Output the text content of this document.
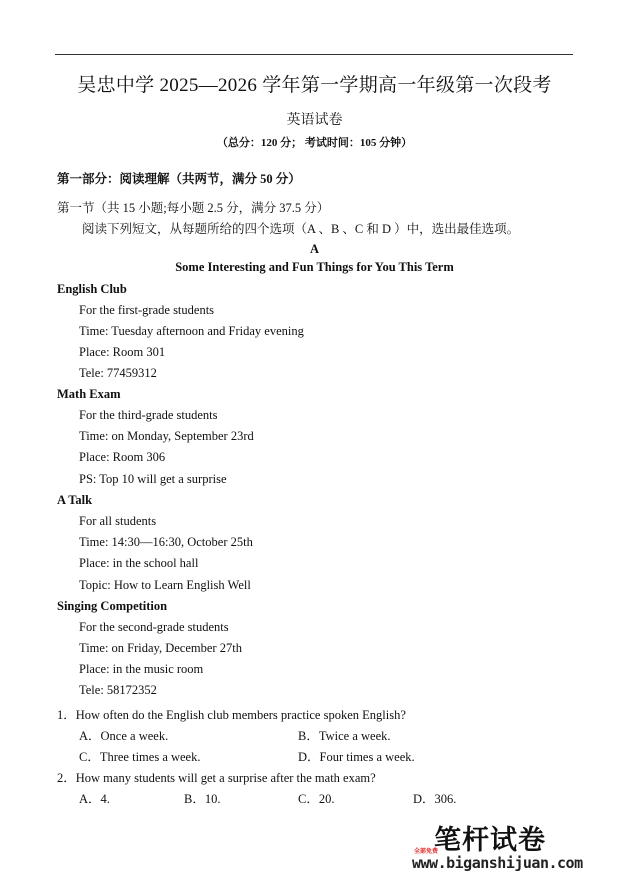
吴忠中学 2025—2026 学年第一学期高一年级第一次段考
英语试卷
（总分：120 分； 考试时间：105 分钟）
第一部分：阅读理解（共两节，满分 50 分）
第一节（共 15 小题;每小题 2.5 分，满分 37.5 分）
阅读下列短文，从每题所给的四个选项（A 、B 、C 和 D ）中，选出最佳选项。
A
Some Interesting and Fun Things for You This Term
English Club
For the first-grade students
Time: Tuesday afternoon and Friday evening
Place: Room 301
Tele: 77459312
Math Exam
For the third-grade students
Time: on Monday, September 23rd
Place: Room 306
PS: Top 10 will get a surprise
A Talk
For all students
Time: 14:30—16:30, October 25th
Place: in the school hall
Topic: How to Learn English Well
Singing Competition
For the second-grade students
Time: on Friday, December 27th
Place: in the music room
Tele: 58172352
1．How often do the English club members practice spoken English?
A．Once a week.	B．Twice a week.
C．Three times a week.	D．Four times a week.
2．How many students will get a surprise after the math exam?
A．4.	B．10.	C．20.	D．306.
笔杆试卷
全部免费
www.biganshijuan.com
